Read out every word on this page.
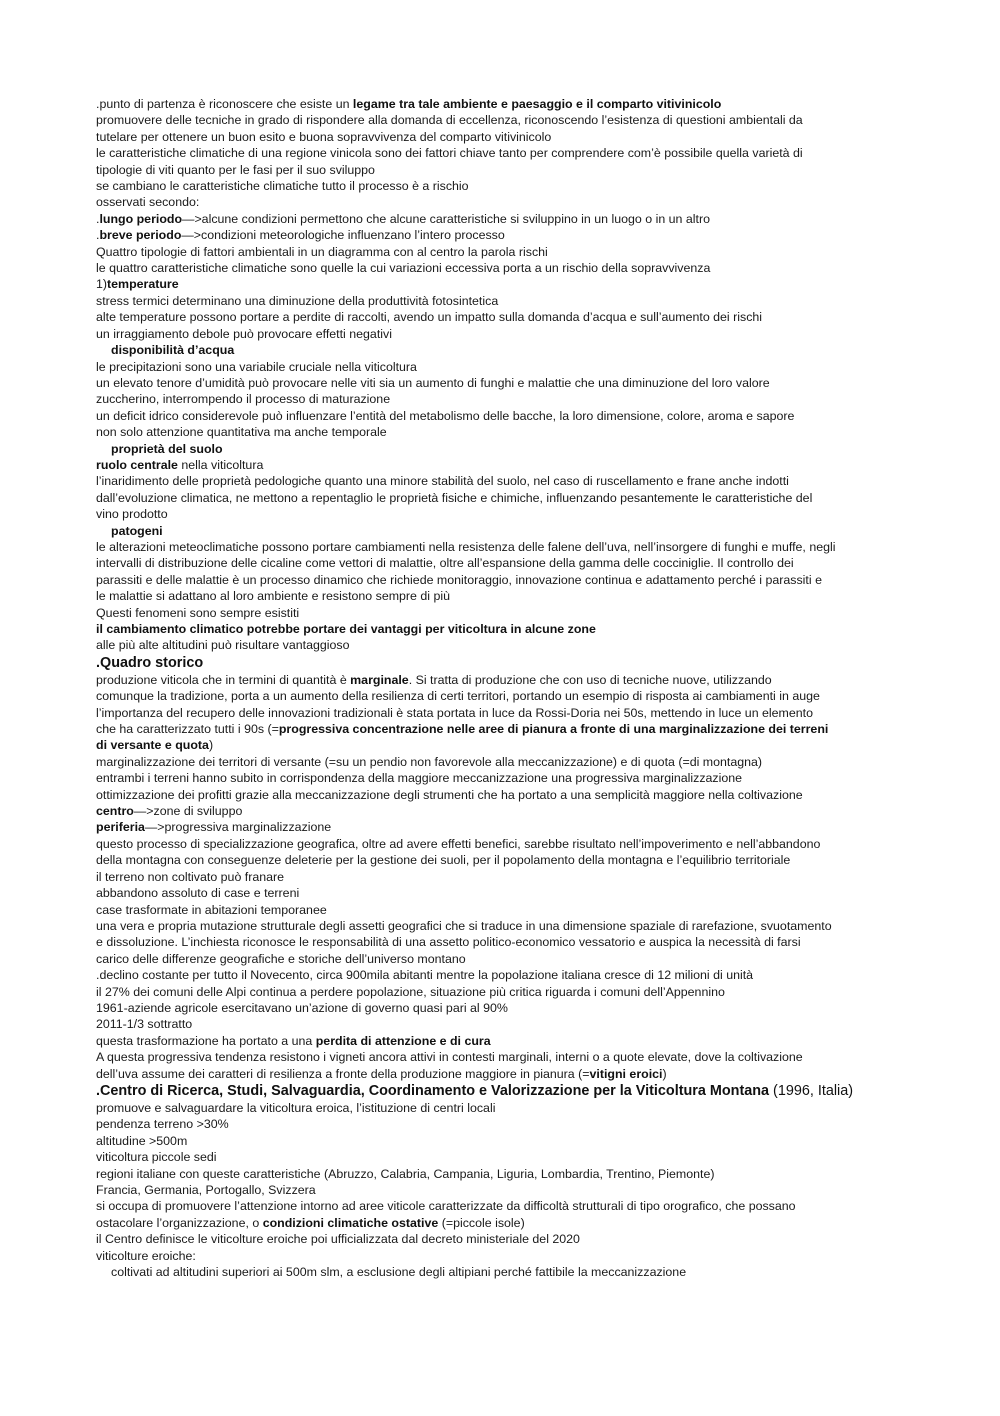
.punto di partenza è riconoscere che esiste un legame tra tale ambiente e paesaggio e il comparto vitivinicolo
promuovere delle tecniche in grado di rispondere alla domanda di eccellenza, riconoscendo l’esistenza di questioni ambientali da
tutelare per ottenere un buon esito e buona sopravvivenza del comparto vitivinicolo
le caratteristiche climatiche di una regione vinicola sono dei fattori chiave tanto per comprendere com’è possibile quella varietà di
tipologie di viti quanto per le fasi per il suo sviluppo
se cambiano le caratteristiche climatiche tutto il processo è a rischio
osservati secondo:
.lungo periodo—>alcune condizioni permettono che alcune caratteristiche si sviluppino in un luogo o in un altro
.breve periodo—>condizioni meteorologiche influenzano l’intero processo
Quattro tipologie di fattori ambientali in un diagramma con al centro la parola rischi
le quattro caratteristiche climatiche sono quelle la cui variazioni eccessiva porta a un rischio della sopravvivenza
1)temperature
stress termici determinano una diminuzione della produttività fotosintetica
alte temperature possono portare a perdite di raccolti, avendo un impatto sulla domanda d’acqua e sull’aumento dei rischi
un irraggiamento debole può provocare effetti negativi
disponibilità d’acqua
le precipitazioni sono una variabile cruciale nella viticoltura
un elevato tenore d’umidità può provocare nelle viti sia un aumento di funghi e malattie che una diminuzione del loro valore
zuccherino, interrompendo il processo di maturazione
un deficit idrico considerevole può influenzare l’entità del metabolismo delle bacche, la loro dimensione, colore, aroma e sapore
non solo attenzione quantitativa ma anche temporale
proprietà del suolo
ruolo centrale nella viticoltura
l’inaridimento delle proprietà pedologiche quanto una minore stabilità del suolo, nel caso di ruscellamento e frane anche indotti
dall’evoluzione climatica, ne mettono a repentaglio le proprietà fisiche e chimiche, influenzando pesantemente le caratteristiche del
vino prodotto
patogeni
le alterazioni meteoclimatiche possono portare cambiamenti nella resistenza delle falene dell’uva, nell’insorgere di funghi e muffe, negli
intervalli di distribuzione delle cicaline come vettori di malattie, oltre all’espansione della gamma delle cocciniglie. Il controllo dei
parassiti e delle malattie è un processo dinamico che richiede monitoraggio, innovazione continua e adattamento perché i parassiti e
le malattie si adattano al loro ambiente e resistono sempre di più
Questi fenomeni sono sempre esistiti
il cambiamento climatico potrebbe portare dei vantaggi per viticoltura in alcune zone
alle più alte altitudini può risultare vantaggioso
.Quadro storico
produzione viticola che in termini di quantità è marginale. Si tratta di produzione che con uso di tecniche nuove, utilizzando
comunque la tradizione, porta a un aumento della resilienza di certi territori, portando un esempio di risposta ai cambiamenti in auge
l’importanza del recupero delle innovazioni tradizionali è stata portata in luce da Rossi-Doria nei 50s, mettendo in luce un elemento
che ha caratterizzato tutti i 90s (=progressiva concentrazione nelle aree di pianura a fronte di una marginalizzazione dei terreni
di versante e quota)
marginalizzazione dei territori di versante (=su un pendio non favorevole alla meccanizzazione) e di quota (=di montagna)
entrambi i terreni hanno subito in corrispondenza della maggiore meccanizzazione una progressiva marginalizzazione
ottimizzazione dei profitti grazie alla meccanizzazione degli strumenti che ha portato a una semplicità maggiore nella coltivazione
centro—>zone di sviluppo
periferia—>progressiva marginalizzazione
questo processo di specializzazione geografica, oltre ad avere effetti benefici, sarebbe risultato nell’impoverimento e nell’abbandono
della montagna con conseguenze deleterie per la gestione dei suoli, per il popolamento della montagna e l’equilibrio territoriale
il terreno non coltivato può franare
abbandono assoluto di case e terreni
case trasformate in abitazioni temporanee
una vera e propria mutazione strutturale degli assetti geografici che si traduce in una dimensione spaziale di rarefazione, svuotamento
e dissoluzione. L’inchiesta riconosce le responsabilità di una assetto politico-economico vessatorio e auspica la necessità di farsi
carico delle differenze geografiche e storiche dell’universo montano
.declino costante per tutto il Novecento, circa 900mila abitanti mentre la popolazione italiana cresce di 12 milioni di unità
il 27% dei comuni delle Alpi continua a perdere popolazione, situazione più critica riguarda i comuni dell’Appennino
1961-aziende agricole esercitavano un’azione di governo quasi pari al 90%
2011-1/3 sottratto
questa trasformazione ha portato a una perdita di attenzione e di cura
A questa progressiva tendenza resistono i vigneti ancora attivi in contesti marginali, interni o a quote elevate, dove la coltivazione
dell’uva assume dei caratteri di resilienza a fronte della produzione maggiore in pianura (=vitigni eroici)
.Centro di Ricerca, Studi, Salvaguardia, Coordinamento e Valorizzazione per la Viticoltura Montana (1996, Italia)
promuove e salvaguardare la viticoltura eroica, l’istituzione di centri locali
pendenza terreno >30%
altitudine >500m
viticoltura piccole sedi
regioni italiane con queste caratteristiche (Abruzzo, Calabria, Campania, Liguria, Lombardia, Trentino, Piemonte)
Francia, Germania, Portogallo, Svizzera
si occupa di promuovere l’attenzione intorno ad aree viticole caratterizzate da difficoltà strutturali di tipo orografico, che possano
ostacolare l’organizzazione, o condizioni climatiche ostative (=piccole isole)
il Centro definisce le viticolture eroiche poi ufficializzata dal decreto ministeriale del 2020
viticolture eroiche:
coltivati ad altitudini superiori ai 500m slm, a esclusione degli altipiani perché fattibile la meccanizzazione
